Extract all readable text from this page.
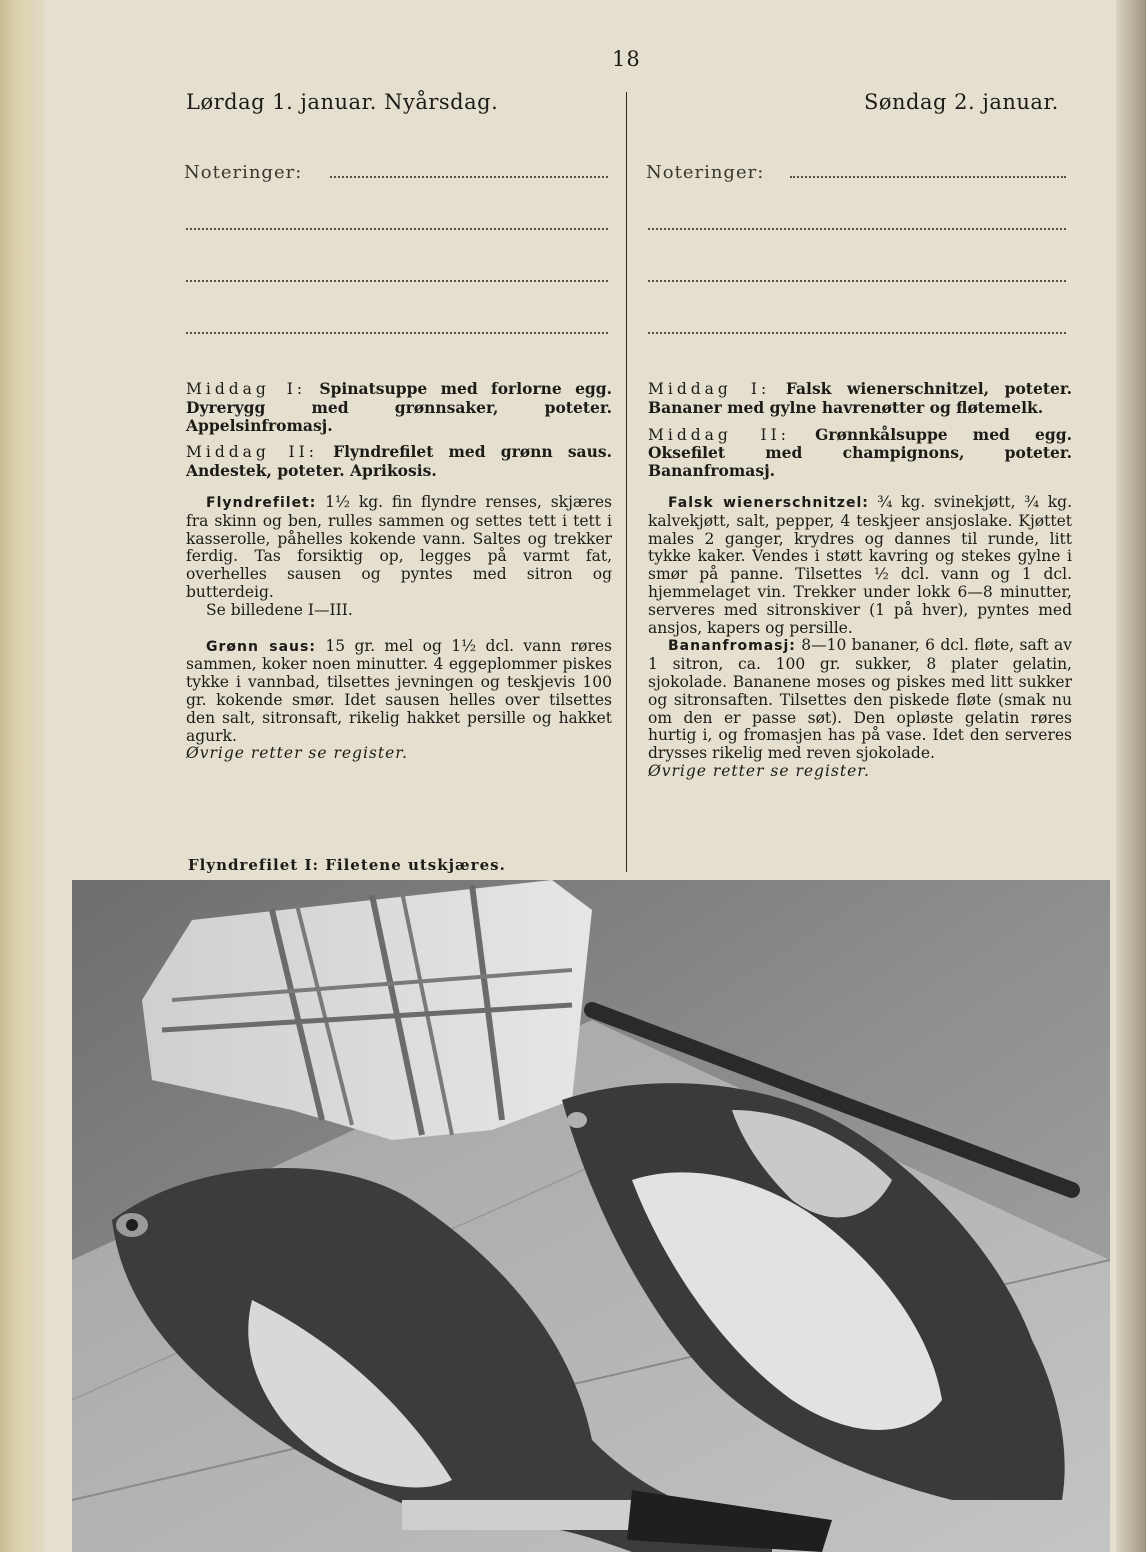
18
Lørdag 1. januar. Nyårsdag.
Noteringer:

Middag I: Spinatsuppe med forlorne egg. Dyrerygg med grønnsaker, poteter. Appelsinfromasj.

Middag II: Flyndrefilet med grønn saus. Andestek, poteter. Aprikosis.

Flyndrefilet: 1½ kg. fin flyndre renses, skjæres fra skinn og ben, rulles sammen og settes tett i tett i kasserolle, påhelles kokende vann. Saltes og trekker ferdig. Tas forsiktig op, legges på varmt fat, overhelles sausen og pyntes med sitron og butterdeig.

Se billedene I—III.

Grønn saus: 15 gr. mel og 1½ dcl. vann røres sammen, koker noen minutter. 4 eggeplommer piskes tykke i vannbad, tilsettes jevningen og teskjevis 100 gr. kokende smør. Idet sausen helles over tilsettes den salt, sitronsaft, rikelig hakket persille og hakket agurk.

Øvrige retter se register.

Flyndrefilet I: Filetene utskjæres.
Søndag 2. januar.
Noteringer:

Middag I: Falsk wienerschnitzel, poteter. Bananer med gylne havrenøtter og fløtemelk.

Middag II: Grønnkålsuppe med egg. Oksefilet med champignons, poteter. Bananfromasj.

Falsk wienerschnitzel: ¾ kg. svinekjøtt, ¾ kg. kalvekjøtt, salt, pepper, 4 teskjeer ansjoslake. Kjøttet males 2 ganger, krydres og dannes til runde, litt tykke kaker. Vendes i støtt kavring og stekes gylne i smør på panne. Tilsettes ½ dcl. vann og 1 dcl. hjemmelaget vin. Trekker under lokk 6—8 minutter, serveres med sitronskiver (1 på hver), pyntes med ansjos, kapers og persille.

Bananfromasj: 8—10 bananer, 6 dcl. fløte, saft av 1 sitron, ca. 100 gr. sukker, 8 plater gelatin, sjokolade. Bananene moses og piskes med litt sukker og sitronsaften. Tilsettes den piskede fløte (smak nu om den er passe søt). Den opløste gelatin røres hurtig i, og fromasjen has på vase. Idet den serveres drysses rikelig med reven sjokolade.

Øvrige retter se register.
